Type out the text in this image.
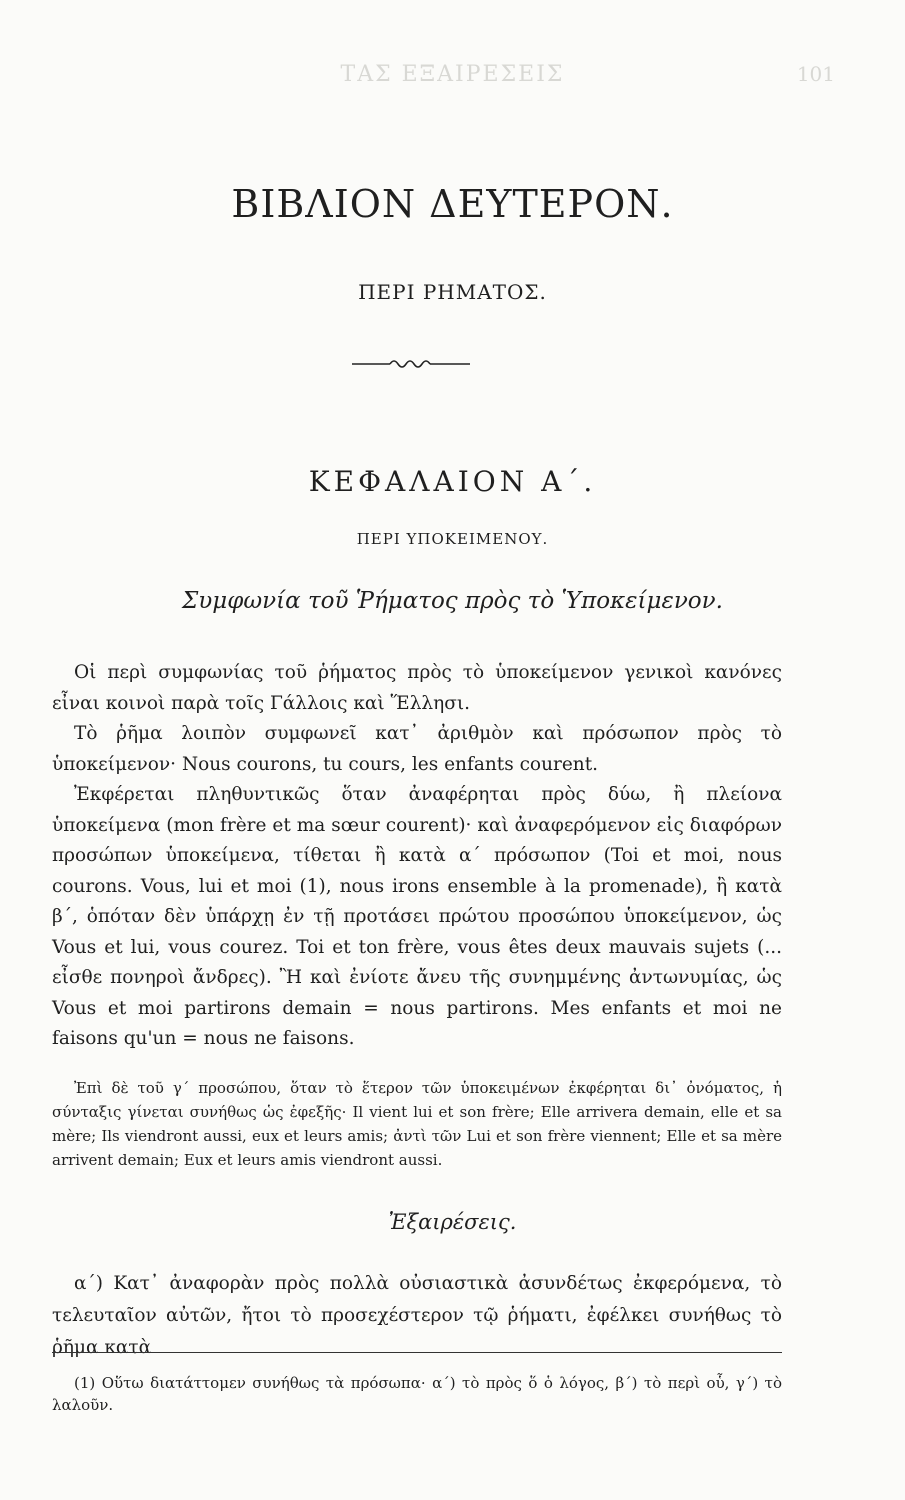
ΤΑΣ ΕΞΑΙΡΕΣΕΙΣ	101
ΒΙΒΛΙΟΝ ΔΕΥΤΕΡΟΝ.
ΠΕΡΙ ΡΗΜΑΤΟΣ.
ΚΕΦΑΛΑΙΟΝ Α΄.
ΠΕΡΙ ΥΠΟΚΕΙΜΕΝΟΥ.
Συμφωνία τοῦ Ῥήματος πρὸς τὸ Ὑποκείμενον.

Οἱ περὶ συμφωνίας τοῦ ῥήματος πρὸς τὸ ὑποκείμενον γενικοὶ κανόνες εἶναι κοινοὶ παρὰ τοῖς Γάλλοις καὶ Ἕλλησι.

Τὸ ῥῆμα λοιπὸν συμφωνεῖ κατ᾽ ἀριθμὸν καὶ πρόσωπον πρὸς τὸ ὑποκείμενον· Nous courons, tu cours, les enfants courent.

Ἐκφέρεται πληθυντικῶς ὅταν ἀναφέρηται πρὸς δύω, ἢ πλείονα ὑποκείμενα (mon frère et ma sœur courent)· καὶ ἀναφερόμενον εἰς διαφόρων προσώπων ὑποκείμενα, τίθεται ἢ κατὰ α΄ πρόσωπον (Toi et moi, nous courons. Vous, lui et moi (1), nous irons ensemble à la promenade), ἢ κατὰ β΄, ὁπόταν δὲν ὑπάρχῃ ἐν τῇ προτάσει πρώτου προσώπου ὑποκείμενον, ὡς Vous et lui, vous courez. Toi et ton frère, vous êtes deux mauvais sujets (... εἶσθε πονηροὶ ἄνδρες). Ἢ καὶ ἐνίοτε ἄνευ τῆς συνημμένης ἀντωνυμίας, ὡς Vous et moi partirons demain = nous partirons. Mes enfants et moi ne faisons qu'un = nous ne faisons.

Ἐπὶ δὲ τοῦ γ΄ προσώπου, ὅταν τὸ ἕτερον τῶν ὑποκειμένων ἐκφέρηται δι᾽ ὀνόματος, ἡ σύνταξις γίνεται συνήθως ὡς ἐφεξῆς· Il vient lui et son frère; Elle arrivera demain, elle et sa mère; Ils viendront aussi, eux et leurs amis; ἀντὶ τῶν Lui et son frère viennent; Elle et sa mère arrivent demain; Eux et leurs amis viendront aussi.

Ἐξαιρέσεις.

α΄) Κατ᾽ ἀναφορὰν πρὸς πολλὰ οὐσιαστικὰ ἀσυνδέτως ἐκφερόμενα, τὸ τελευταῖον αὐτῶν, ἤτοι τὸ προσεχέστερον τῷ ῥήματι, ἐφέλκει συνήθως τὸ ῥῆμα κατὰ

(1) Οὕτω διατάττομεν συνήθως τὰ πρόσωπα· α΄) τὸ πρὸς ὅ ὁ λόγος, β΄) τὸ περὶ οὗ, γ΄) τὸ λαλοῦν.
